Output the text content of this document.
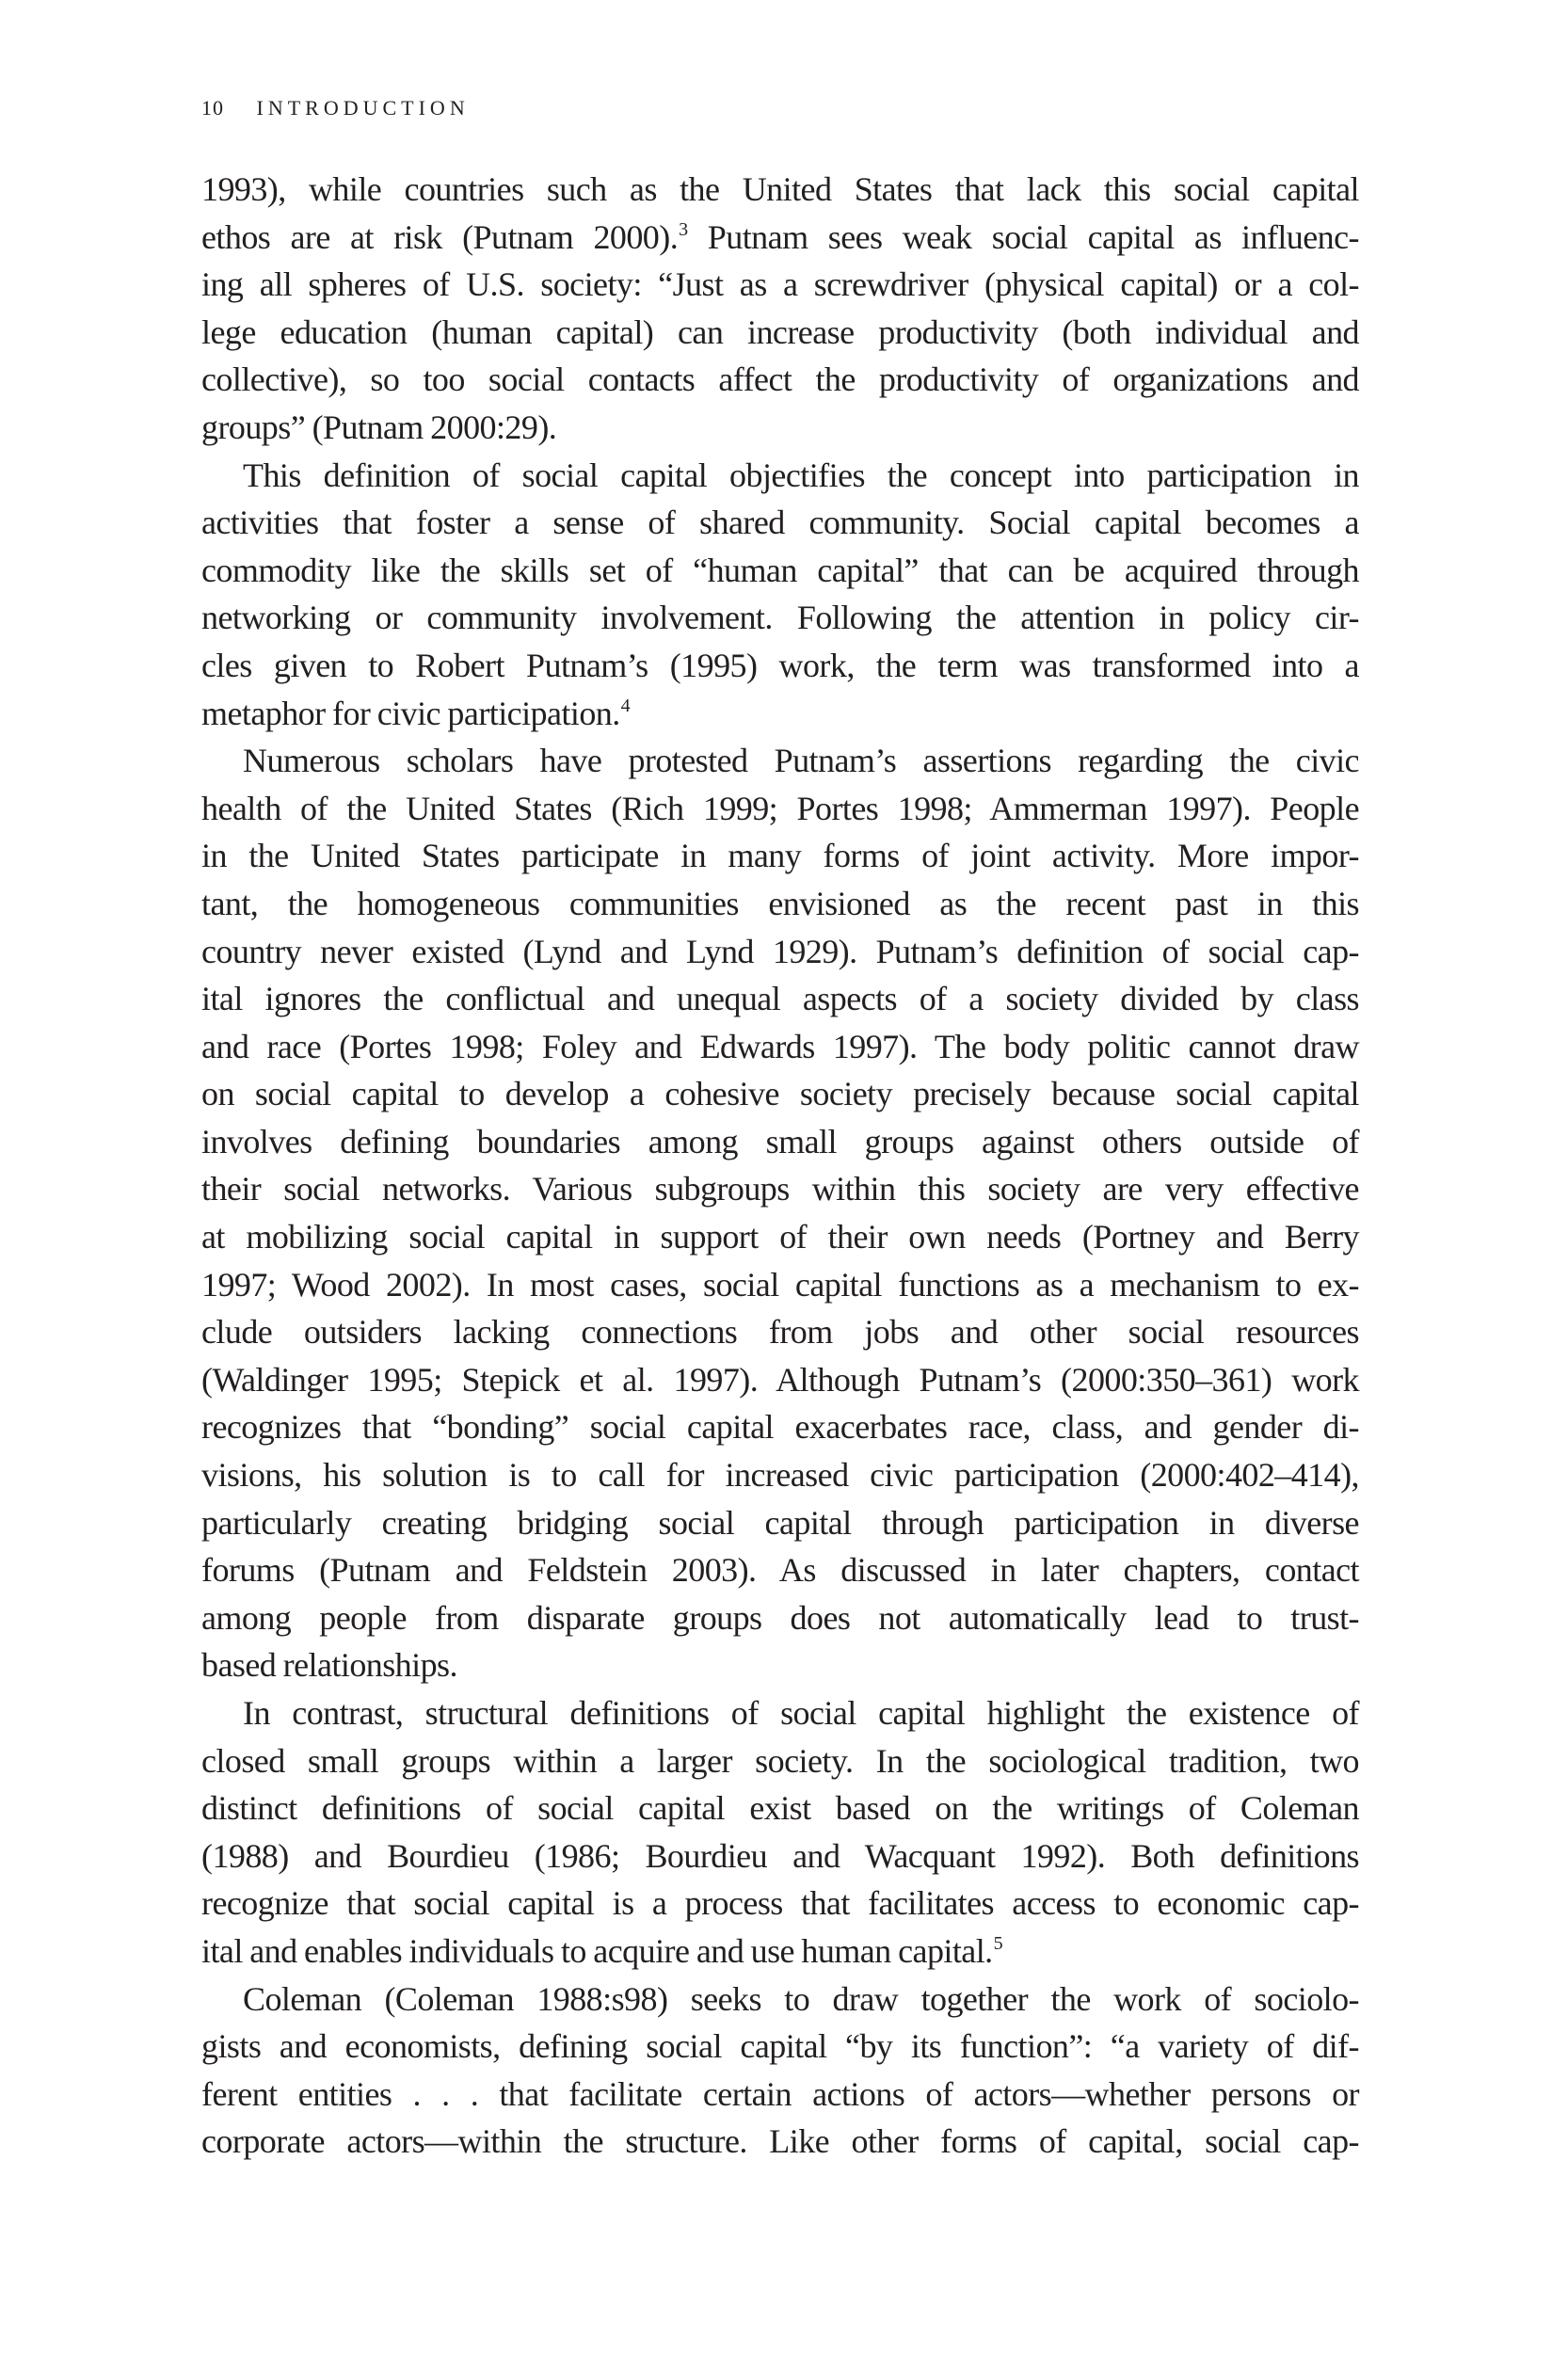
10 INTRODUCTION
1993), while countries such as the United States that lack this social capital
ethos are at risk (Putnam 2000).$^3$ Putnam sees weak social capital as influenc-
ing all spheres of U.S. society: “Just as a screwdriver (physical capital) or a col-
lege education (human capital) can increase productivity (both individual and
collective), so too social contacts affect the productivity of organizations and
groups” (Putnam 2000:29).
This definition of social capital objectifies the concept into participation in
activities that foster a sense of shared community. Social capital becomes a
commodity like the skills set of “human capital” that can be acquired through
networking or community involvement. Following the attention in policy cir-
cles given to Robert Putnam’s (1995) work, the term was transformed into a
metaphor for civic participation.$^4$
Numerous scholars have protested Putnam’s assertions regarding the civic
health of the United States (Rich 1999; Portes 1998; Ammerman 1997). People
in the United States participate in many forms of joint activity. More impor-
tant, the homogeneous communities envisioned as the recent past in this
country never existed (Lynd and Lynd 1929). Putnam’s definition of social cap-
ital ignores the conflictual and unequal aspects of a society divided by class
and race (Portes 1998; Foley and Edwards 1997). The body politic cannot draw
on social capital to develop a cohesive society precisely because social capital
involves defining boundaries among small groups against others outside of
their social networks. Various subgroups within this society are very effective
at mobilizing social capital in support of their own needs (Portney and Berry
1997; Wood 2002). In most cases, social capital functions as a mechanism to ex-
clude outsiders lacking connections from jobs and other social resources
(Waldinger 1995; Stepick et al. 1997). Although Putnam’s (2000:350–361) work
recognizes that “bonding” social capital exacerbates race, class, and gender di-
visions, his solution is to call for increased civic participation (2000:402–414),
particularly creating bridging social capital through participation in diverse
forums (Putnam and Feldstein 2003). As discussed in later chapters, contact
among people from disparate groups does not automatically lead to trust-
based relationships.
In contrast, structural definitions of social capital highlight the existence of
closed small groups within a larger society. In the sociological tradition, two
distinct definitions of social capital exist based on the writings of Coleman
(1988) and Bourdieu (1986; Bourdieu and Wacquant 1992). Both definitions
recognize that social capital is a process that facilitates access to economic cap-
ital and enables individuals to acquire and use human capital.$^5$
Coleman (Coleman 1988:s98) seeks to draw together the work of sociolo-
gists and economists, defining social capital “by its function”: “a variety of dif-
ferent entities . . . that facilitate certain actions of actors—whether persons or
corporate actors—within the structure. Like other forms of capital, social cap-
